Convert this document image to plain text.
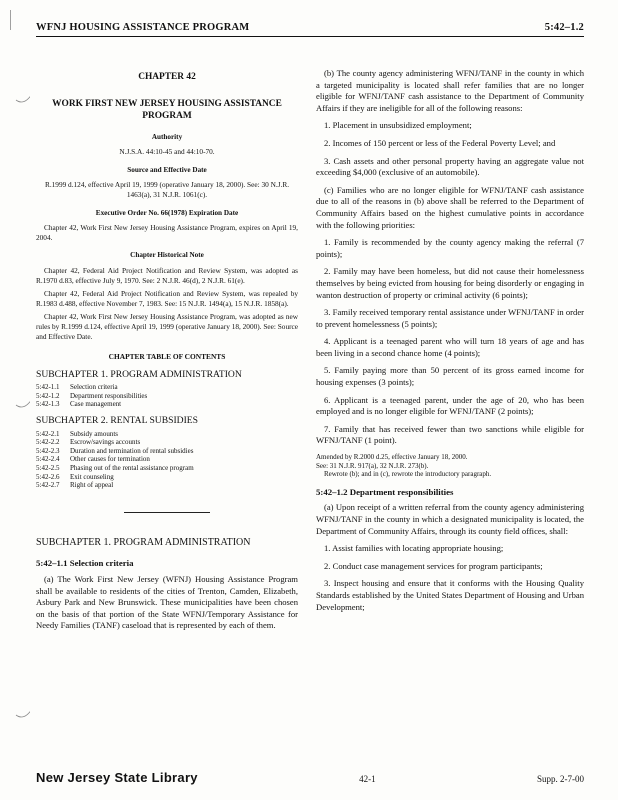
WFNJ HOUSING ASSISTANCE PROGRAM	5:42–1.2
CHAPTER 42
WORK FIRST NEW JERSEY HOUSING ASSISTANCE PROGRAM
Authority
N.J.S.A. 44:10-45 and 44:10-70.
Source and Effective Date
R.1999 d.124, effective April 19, 1999 (operative January 18, 2000). See: 30 N.J.R. 1463(a), 31 N.J.R. 1061(c).
Executive Order No. 66(1978) Expiration Date

Chapter 42, Work First New Jersey Housing Assistance Program, expires on April 19, 2004.

Chapter Historical Note

Chapter 42, Federal Aid Project Notification and Review System, was adopted as R.1970 d.83, effective July 9, 1970. See: 2 N.J.R. 46(d), 2 N.J.R. 61(e).

Chapter 42, Federal Aid Project Notification and Review System, was repealed by R.1983 d.488, effective November 7, 1983. See: 15 N.J.R. 1494(a), 15 N.J.R. 1858(a).

Chapter 42, Work First New Jersey Housing Assistance Program, was adopted as new rules by R.1999 d.124, effective April 19, 1999 (operative January 18, 2000). See: Source and Effective Date.

CHAPTER TABLE OF CONTENTS
SUBCHAPTER 1. PROGRAM ADMINISTRATION
5:42-1.1	Selection criteria
5:42-1.2	Department responsibilities
5:42-1.3	Case management
SUBCHAPTER 2. RENTAL SUBSIDIES
5:42-2.1	Subsidy amounts
5:42-2.2	Escrow/savings accounts
5:42-2.3	Duration and termination of rental subsidies
5:42-2.4	Other causes for termination
5:42-2.5	Phasing out of the rental assistance program
5:42-2.6	Exit counseling
5:42-2.7	Right of appeal
SUBCHAPTER 1. PROGRAM ADMINISTRATION
5:42–1.1 Selection criteria

(a) The Work First New Jersey (WFNJ) Housing Assistance Program shall be available to residents of the cities of Trenton, Camden, Elizabeth, Asbury Park and New Brunswick. These municipalities have been chosen on the basis of that portion of the State WFNJ/Temporary Assistance for Needy Families (TANF) caseload that is represented by each of them.

(b) The county agency administering WFNJ/TANF in the county in which a targeted municipality is located shall refer families that are no longer eligible for WFNJ/TANF cash assistance to the Department of Community Affairs if they are ineligible for all of the following reasons:

1. Placement in unsubsidized employment;

2. Incomes of 150 percent or less of the Federal Poverty Level; and

3. Cash assets and other personal property having an aggregate value not exceeding $4,000 (exclusive of an automobile).

(c) Families who are no longer eligible for WFNJ/TANF cash assistance due to all of the reasons in (b) above shall be referred to the Department of Community Affairs based on the highest cumulative points in accordance with the following priorities:

1. Family is recommended by the county agency making the referral (7 points);

2. Family may have been homeless, but did not cause their homelessness themselves by being evicted from housing for being disorderly or engaging in wanton destruction of property or criminal activity (6 points);

3. Family received temporary rental assistance under WFNJ/TANF in order to prevent homelessness (5 points);

4. Applicant is a teenaged parent who will turn 18 years of age and has been living in a second chance home (4 points);

5. Family paying more than 50 percent of its gross earned income for housing expenses (3 points);

6. Applicant is a teenaged parent, under the age of 20, who has been employed and is no longer eligible for WFNJ/TANF (2 points);

7. Family that has received fewer than two sanctions while eligible for WFNJ/TANF (1 point).

Amended by R.2000 d.25, effective January 18, 2000.
See: 31 N.J.R. 917(a), 32 N.J.R. 273(b).
Rewrote (b); and in (c), rewrote the introductory paragraph.
5:42–1.2 Department responsibilities

(a) Upon receipt of a written referral from the county agency administering WFNJ/TANF in the county in which a designated municipality is located, the Department of Community Affairs, through its county field offices, shall:

1. Assist families with locating appropriate housing;

2. Conduct case management services for program participants;

3. Inspect housing and ensure that it conforms with the Housing Quality Standards established by the United States Department of Housing and Urban Development;

New Jersey State Library	42-1	Supp. 2-7-00
